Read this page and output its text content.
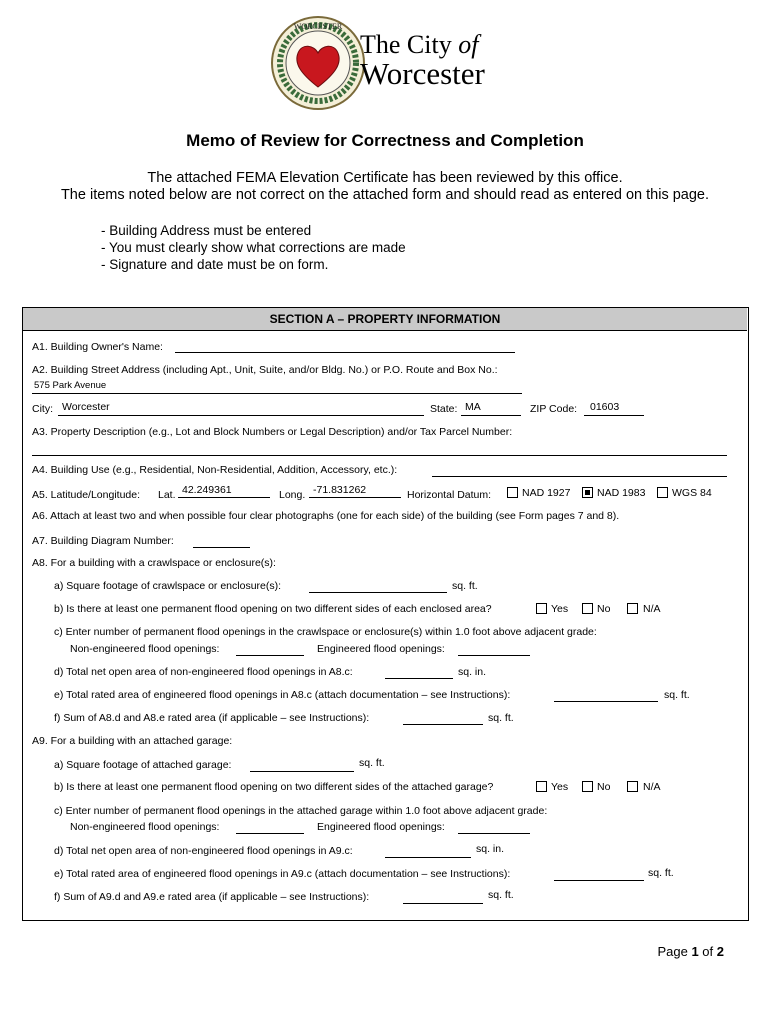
WORCESTER
The City of
Worcester
Memo of Review for Correctness and Completion
The attached FEMA Elevation Certificate has been reviewed by this office.
The items noted below are not correct on the attached form and should read as entered on this page.
- Building Address must be entered
- You must clearly show what corrections are made
- Signature and date must be on form.
SECTION A – PROPERTY INFORMATION
A1. Building Owner's Name:
A2. Building Street Address (including Apt., Unit, Suite, and/or Bldg. No.) or P.O. Route and Box No.:
575 Park Avenue
City: Worcester	State: MA	ZIP Code: 01603
A3. Property Description (e.g., Lot and Block Numbers or Legal Description) and/or Tax Parcel Number:
A4. Building Use (e.g., Residential, Non-Residential, Addition, Accessory, etc.):
A5. Latitude/Longitude: Lat. 42.249361	Long. -71.831262	Horizontal Datum:	NAD 1927	NAD 1983	WGS 84
A6. Attach at least two and when possible four clear photographs (one for each side) of the building (see Form pages 7 and 8).
A7. Building Diagram Number:
A8. For a building with a crawlspace or enclosure(s):
a) Square footage of crawlspace or enclosure(s):	sq. ft.
b) Is there at least one permanent flood opening on two different sides of each enclosed area?	Yes	No	N/A
c) Enter number of permanent flood openings in the crawlspace or enclosure(s) within 1.0 foot above adjacent grade:
Non-engineered flood openings:	Engineered flood openings:
d) Total net open area of non-engineered flood openings in A8.c:	sq. in.
e) Total rated area of engineered flood openings in A8.c (attach documentation – see Instructions):	sq. ft.
f) Sum of A8.d and A8.e rated area (if applicable – see Instructions):	sq. ft.
A9. For a building with an attached garage:
a) Square footage of attached garage:	sq. ft.
b) Is there at least one permanent flood opening on two different sides of the attached garage?	Yes	No	N/A
c) Enter number of permanent flood openings in the attached garage within 1.0 foot above adjacent grade:
Non-engineered flood openings:	Engineered flood openings:
d) Total net open area of non-engineered flood openings in A9.c:	sq. in.
e) Total rated area of engineered flood openings in A9.c (attach documentation – see Instructions):	sq. ft.
f) Sum of A9.d and A9.e rated area (if applicable – see Instructions):	sq. ft.
Page 1 of 2
